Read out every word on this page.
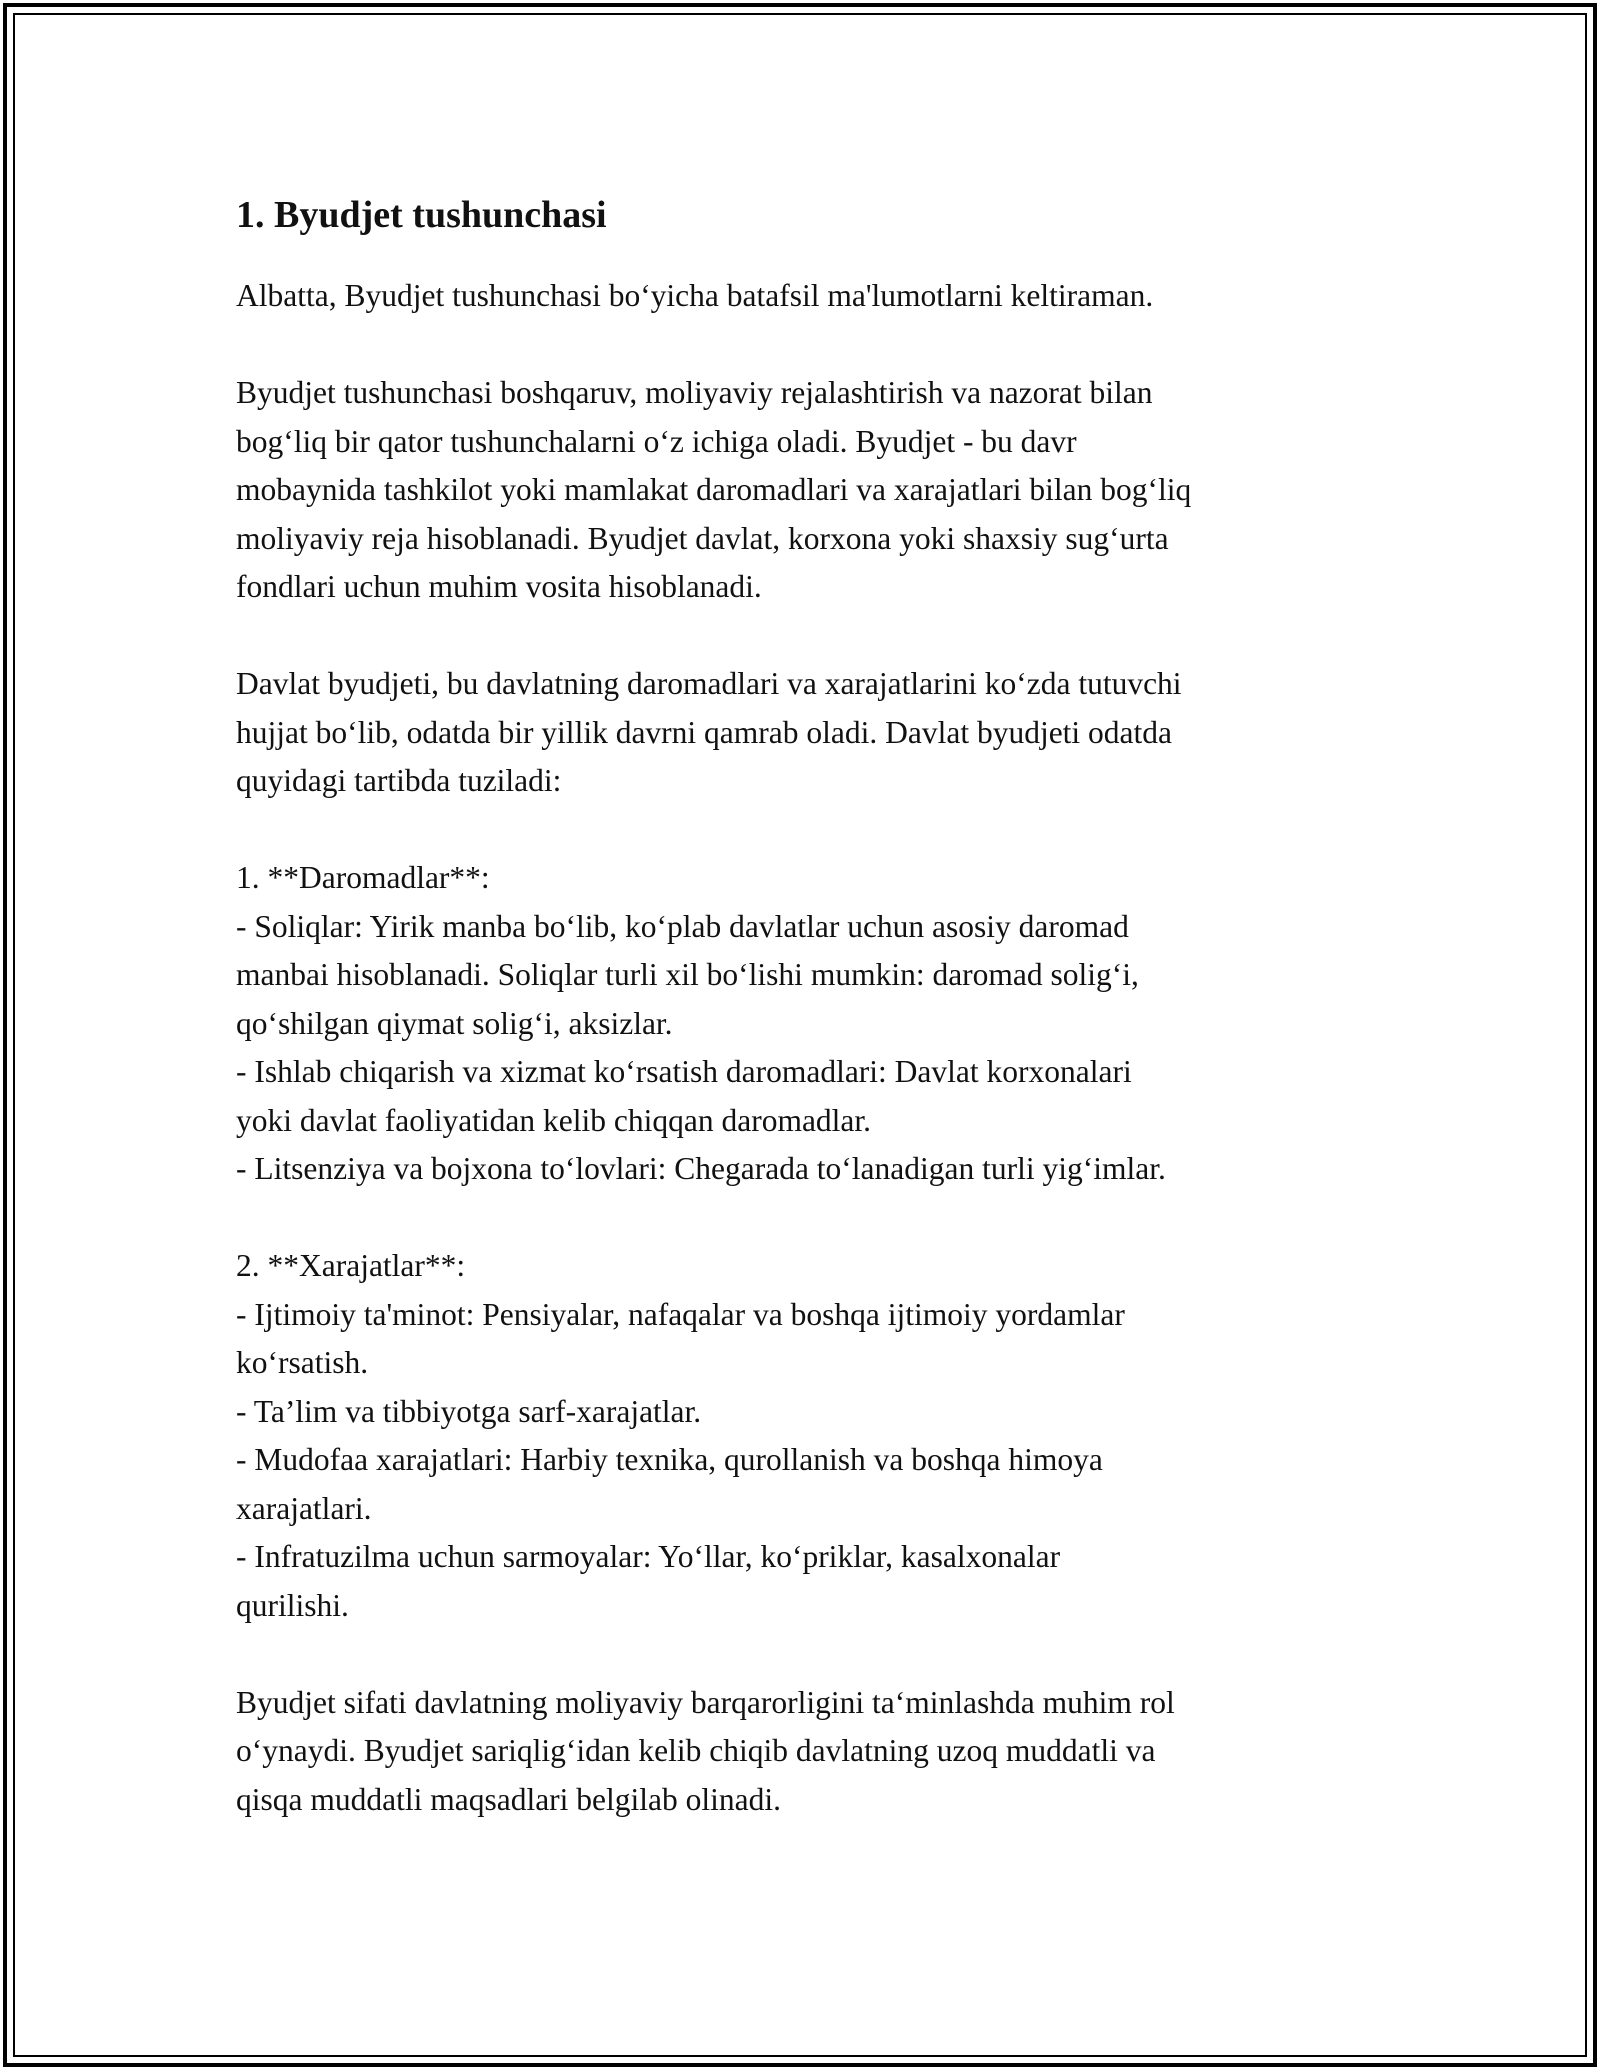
1. Byudjet tushunchasi

Albatta, Byudjet tushunchasi bo‘yicha batafsil ma'lumotlarni keltiraman.

Byudjet tushunchasi boshqaruv, moliyaviy rejalashtirish va nazorat bilan
bog‘liq bir qator tushunchalarni o‘z ichiga oladi. Byudjet - bu davr
mobaynida tashkilot yoki mamlakat daromadlari va xarajatlari bilan bog‘liq
moliyaviy reja hisoblanadi. Byudjet davlat, korxona yoki shaxsiy sug‘urta
fondlari uchun muhim vosita hisoblanadi.

Davlat byudjeti, bu davlatning daromadlari va xarajatlarini ko‘zda tutuvchi
hujjat bo‘lib, odatda bir yillik davrni qamrab oladi. Davlat byudjeti odatda
quyidagi tartibda tuziladi:

1. **Daromadlar**:
- Soliqlar: Yirik manba bo‘lib, ko‘plab davlatlar uchun asosiy daromad
manbai hisoblanadi. Soliqlar turli xil bo‘lishi mumkin: daromad solig‘i,
qo‘shilgan qiymat solig‘i, aksizlar.
- Ishlab chiqarish va xizmat ko‘rsatish daromadlari: Davlat korxonalari
yoki davlat faoliyatidan kelib chiqqan daromadlar.
- Litsenziya va bojxona to‘lovlari: Chegarada to‘lanadigan turli yig‘imlar.

2. **Xarajatlar**:
- Ijtimoiy ta'minot: Pensiyalar, nafaqalar va boshqa ijtimoiy yordamlar
ko‘rsatish.
- Ta’lim va tibbiyotga sarf-xarajatlar.
- Mudofaa xarajatlari: Harbiy texnika, qurollanish va boshqa himoya
xarajatlari.
- Infratuzilma uchun sarmoyalar: Yo‘llar, ko‘priklar, kasalxonalar
qurilishi.

Byudjet sifati davlatning moliyaviy barqarorligini ta‘minlashda muhim rol
o‘ynaydi. Byudjet sariqlig‘idan kelib chiqib davlatning uzoq muddatli va
qisqa muddatli maqsadlari belgilab olinadi.
